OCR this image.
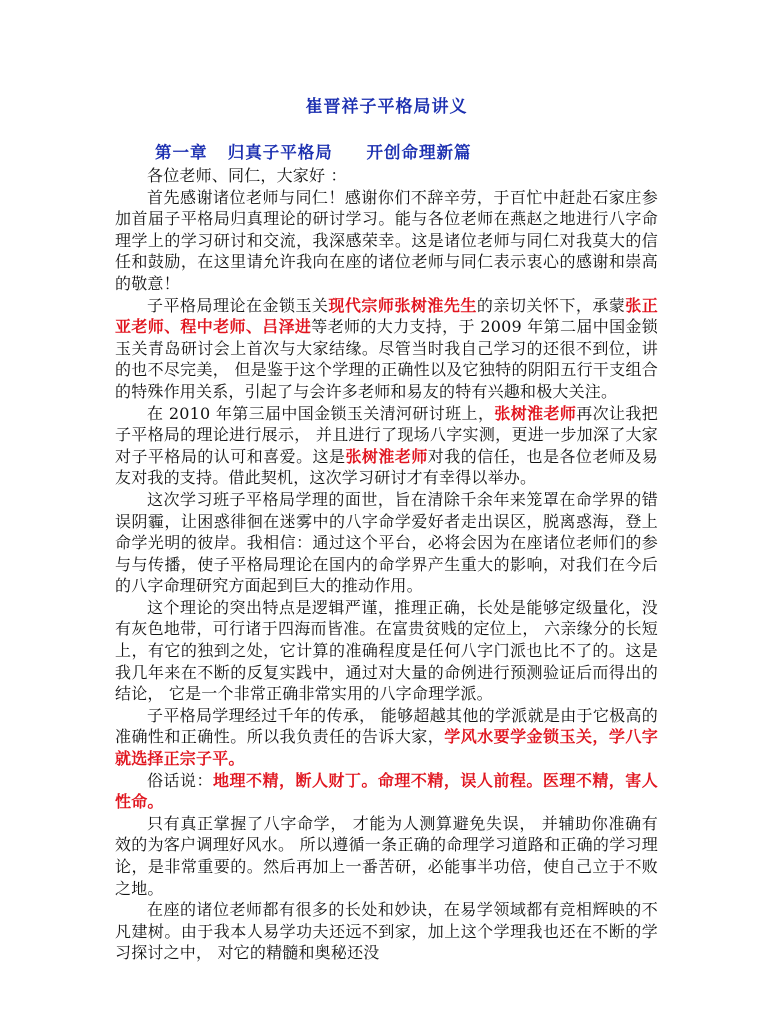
崔晋祥子平格局讲义
第一章   归真子平格局     开创命理新篇

各位老师、同仁，大家好 ：

首先感谢诸位老师与同仁！感谢你们不辞辛劳，于百忙中赶赴石家庄参加首届子平格局归真理论的研讨学习。能与各位老师在燕赵之地进行八字命理学上的学习研讨和交流，我深感荣幸。这是诸位老师与同仁对我莫大的信任和鼓励，在这里请允许我向在座的诸位老师与同仁表示衷心的感谢和崇高的敬意！

子平格局理论在金锁玉关现代宗师张树淮先生的亲切关怀下，承蒙张正亚老师、程中老师、吕泽进等老师的大力支持，于 2009 年第二届中国金锁玉关青岛研讨会上首次与大家结缘。尽管当时我自己学习的还很不到位，讲的也不尽完美， 但是鉴于这个学理的正确性以及它独特的阴阳五行干支组合的特殊作用关系，引起了与会许多老师和易友的特有兴趣和极大关注。

在 2010 年第三届中国金锁玉关清河研讨班上，张树淮老师再次让我把子平格局的理论进行展示， 并且进行了现场八字实测，更进一步加深了大家对子平格局的认可和喜爱。这是张树淮老师对我的信任，也是各位老师及易友对我的支持。借此契机，这次学习研讨才有幸得以举办。

这次学习班子平格局学理的面世，旨在清除千余年来笼罩在命学界的错误阴霾，让困惑徘徊在迷雾中的八字命学爱好者走出误区，脱离惑海，登上命学光明的彼岸。我相信：通过这个平台，必将会因为在座诸位老师们的参与与传播，使子平格局理论在国内的命学界产生重大的影响，对我们在今后的八字命理研究方面起到巨大的推动作用。

这个理论的突出特点是逻辑严谨，推理正确，长处是能够定级量化，没有灰色地带，可行诸于四海而皆准。在富贵贫贱的定位上， 六亲缘分的长短上，有它的独到之处，它计算的准确程度是任何八字门派也比不了的。这是我几年来在不断的反复实践中，通过对大量的命例进行预测验证后而得出的结论， 它是一个非常正确非常实用的八字命理学派。

子平格局学理经过千年的传承， 能够超越其他的学派就是由于它极高的准确性和正确性。所以我负责任的告诉大家，学风水要学金锁玉关，学八字就选择正宗子平。

俗话说：地理不精，断人财丁。命理不精，误人前程。医理不精，害人性命。

只有真正掌握了八字命学， 才能为人测算避免失误， 并辅助你准确有效的为客户调理好风水。 所以遵循一条正确的命理学习道路和正确的学习理论，是非常重要的。然后再加上一番苦研，必能事半功倍，使自己立于不败之地。

在座的诸位老师都有很多的长处和妙诀，在易学领域都有竞相辉映的不凡建树。由于我本人易学功夫还远不到家，加上这个学理我也还在不断的学习探讨之中， 对它的精髓和奥秘还没
